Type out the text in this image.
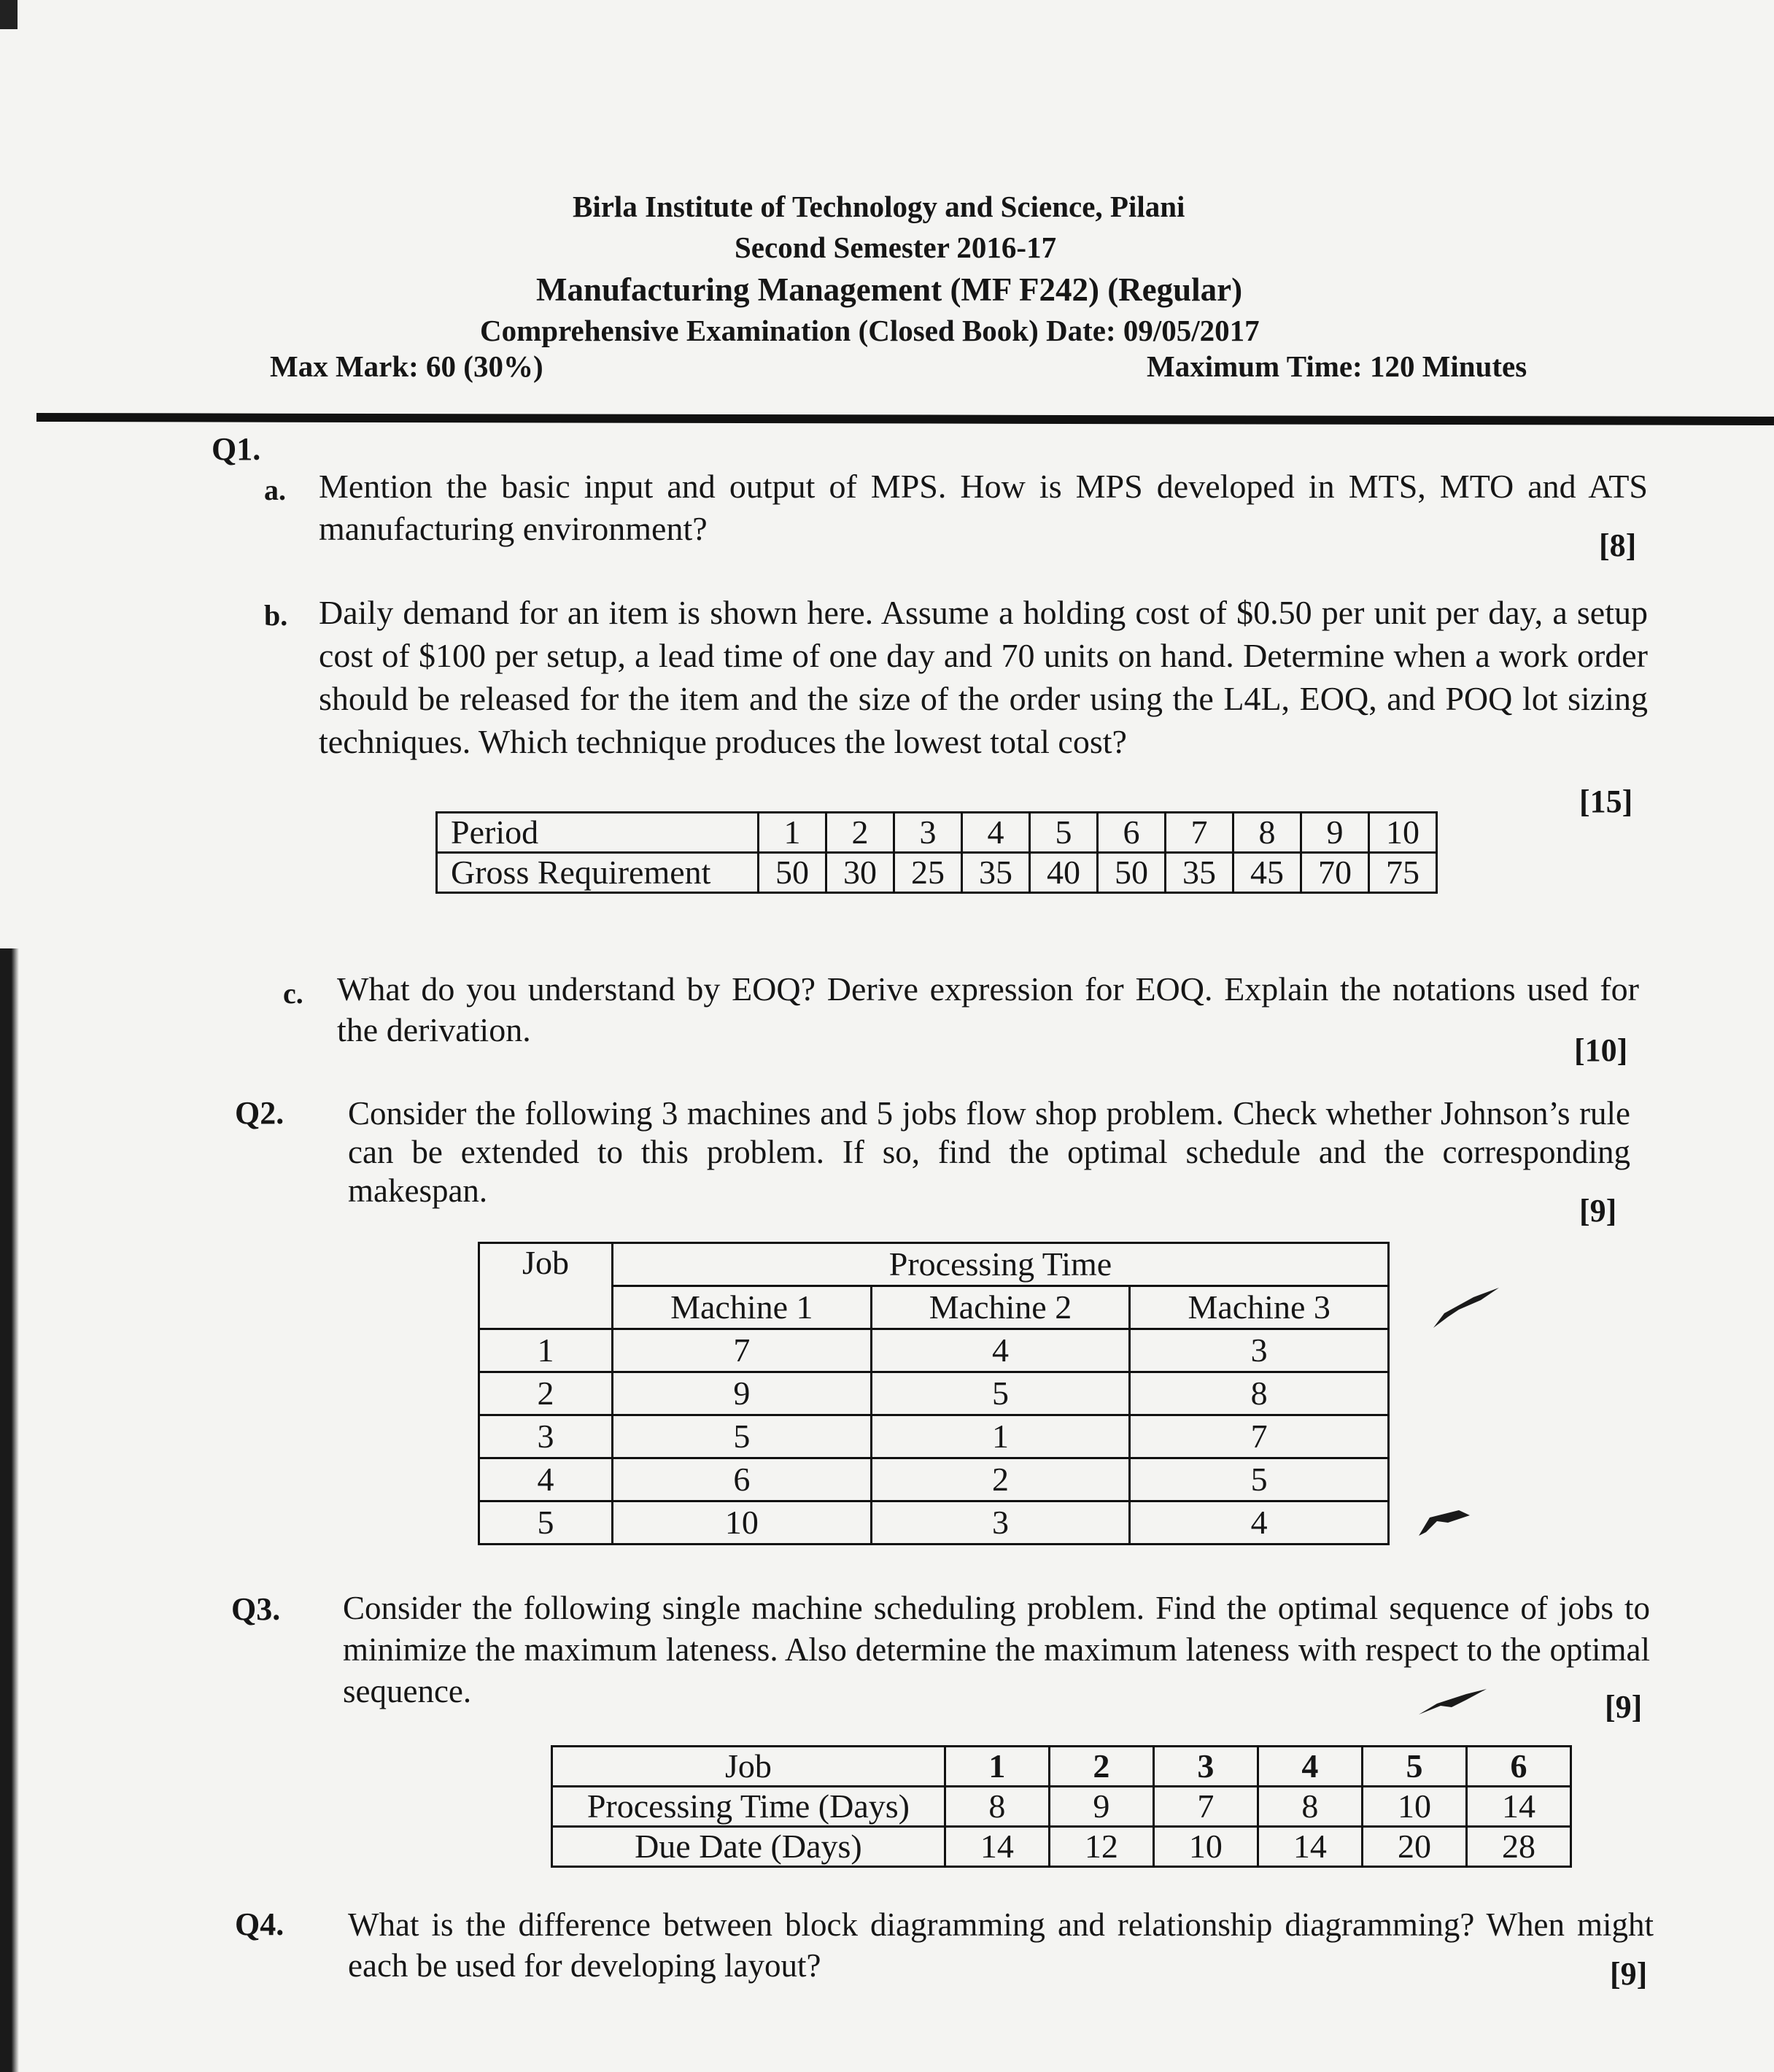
Birla Institute of Technology and Science, Pilani
Second Semester 2016-17
Manufacturing Management (MF F242) (Regular)
Comprehensive Examination (Closed Book) Date: 09/05/2017
Max Mark: 60 (30%)	Maximum Time: 120 Minutes
Q1.
a. Mention the basic input and output of MPS. How is MPS developed in MTS, MTO and ATS manufacturing environment?	[8]
b. Daily demand for an item is shown here. Assume a holding cost of $0.50 per unit per day, a setup cost of $100 per setup, a lead time of one day and 70 units on hand. Determine when a work order should be released for the item and the size of the order using the L4L, EOQ, and POQ lot sizing techniques. Which technique produces the lowest total cost?
[15]
Period	1	2	3	4	5	6	7	8	9	10
Gross Requirement	50	30	25	35	40	50	35	45	70	75
c. What do you understand by EOQ? Derive expression for EOQ. Explain the notations used for the derivation.
[10]
Q2. Consider the following 3 machines and 5 jobs flow shop problem. Check whether Johnson’s rule can be extended to this problem. If so, find the optimal schedule and the corresponding makespan.
[9]
Job	Processing Time		
	Machine 1	Machine 2	Machine 3
1	7	4	3
2	9	5	8
3	5	1	7
4	6	2	5
5	10	3	4
Q3. Consider the following single machine scheduling problem. Find the optimal sequence of jobs to minimize the maximum lateness. Also determine the maximum lateness with respect to the optimal sequence.	[9]
Job	1	2	3	4	5	6
Processing Time (Days)	8	9	7	8	10	14
Due Date (Days)	14	12	10	14	20	28
Q4. What is the difference between block diagramming and relationship diagramming? When might each be used for developing layout?	[9]
